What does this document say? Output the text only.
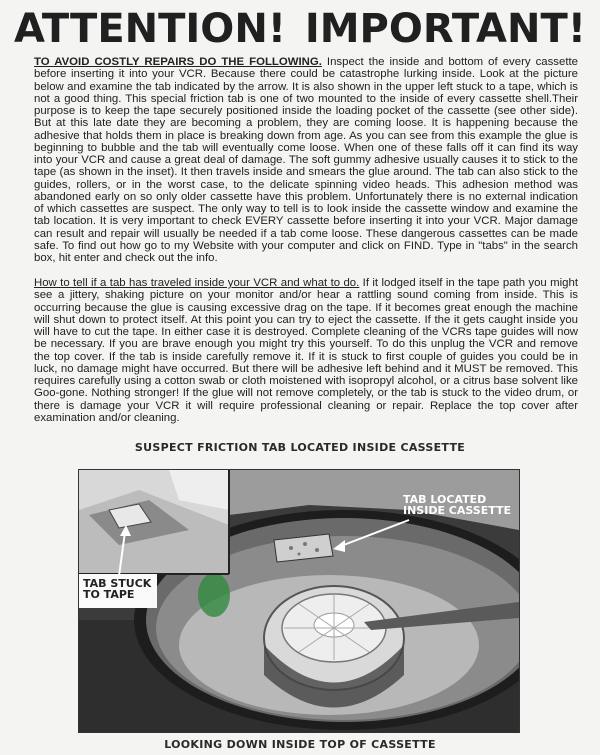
ATTENTION! IMPORTANT!
TO AVOID COSTLY REPAIRS DO THE FOLLOWING. Inspect the inside and bottom of every cassette before inserting it into your VCR. Because there could be catastrophe lurking inside. Look at the picture below and examine the tab indicated by the arrow. It is also shown in the upper left stuck to a tape, which is not a good thing. This special friction tab is one of two mounted to the inside of every cassette shell.Their purpose is to keep the tape securely positioned inside the loading pocket of the cassette (see other side). But at this late date they are becoming a problem, they are coming loose. It is happening because the adhesive that holds them in place is breaking down from age. As you can see from this example the glue is beginning to bubble and the tab will eventually come loose. When one of these falls off it can find its way into your VCR and cause a great deal of damage. The soft gummy adhesive usually causes it to stick to the tape (as shown in the inset). It then travels inside and smears the glue around. The tab can also stick to the guides, rollers, or in the worst case, to the delicate spinning video heads. This adhesion method was abandoned early on so only older cassette have this problem. Unfortunately there is no external indication of which cassettes are suspect. The only way to tell is to look inside the cassette window and examine the tab location. It is very important to check EVERY cassette before inserting it into your VCR. Major damage can result and repair will usually be needed if a tab come loose. These dangerous cassettes can be made safe. To find out how go to my Website with your computer and click on FIND. Type in "tabs" in the search box, hit enter and check out the info.
How to tell if a tab has traveled inside your VCR and what to do. If it lodged itself in the tape path you might see a jittery, shaking picture on your monitor and/or hear a rattling sound coming from inside. This is occurring because the glue is causing excessive drag on the tape. If it becomes great enough the machine will shut down to protect itself. At this point you can try to eject the cassette. If the it gets caught inside you will have to cut the tape. In either case it is destroyed. Complete cleaning of the VCRs tape guides will now be necessary. If you are brave enough you might try this yourself. To do this unplug the VCR and remove the top cover. If the tab is inside carefully remove it. If it is stuck to first couple of guides you could be in luck, no damage might have occurred. But there will be adhesive left behind and it MUST be removed. This requires carefully using a cotton swab or cloth moistened with isopropyl alcohol, or a citrus base solvent like Goo-gone. Nothing stronger! If the glue will not remove completely, or the tab is stuck to the video drum, or there is damage your VCR it will require professional cleaning or repair. Replace the top cover after examination and/or cleaning.
SUSPECT FRICTION TAB LOCATED INSIDE CASSETTE
TAB LOCATED
INSIDE CASSETTE
TAB STUCK
TO TAPE
LOOKING DOWN INSIDE TOP OF CASSETTE
